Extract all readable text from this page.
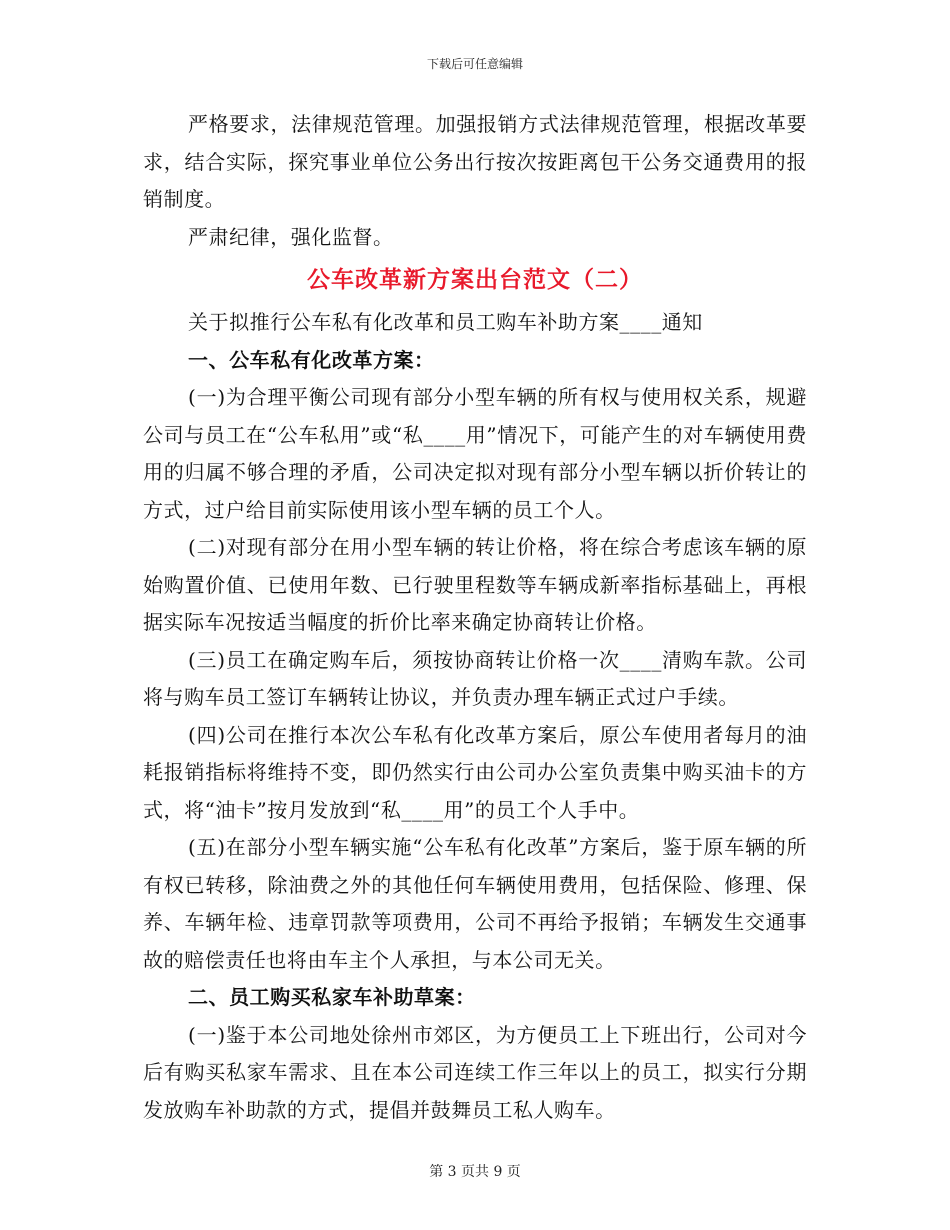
下载后可任意编辑

严格要求，法律规范管理。加强报销方式法律规范管理，根据改革要求，结合实际，探究事业单位公务出行按次按距离包干公务交通费用的报销制度。

严肃纪律，强化监督。

公车改革新方案出台范文（二）

关于拟推行公车私有化改革和员工购车补助方案____通知

一、公车私有化改革方案：

(一)为合理平衡公司现有部分小型车辆的所有权与使用权关系，规避公司与员工在“公车私用”或“私____用”情况下，可能产生的对车辆使用费用的归属不够合理的矛盾，公司决定拟对现有部分小型车辆以折价转让的方式，过户给目前实际使用该小型车辆的员工个人。

(二)对现有部分在用小型车辆的转让价格，将在综合考虑该车辆的原始购置价值、已使用年数、已行驶里程数等车辆成新率指标基础上，再根据实际车况按适当幅度的折价比率来确定协商转让价格。

(三)员工在确定购车后，须按协商转让价格一次____清购车款。公司将与购车员工签订车辆转让协议，并负责办理车辆正式过户手续。

(四)公司在推行本次公车私有化改革方案后，原公车使用者每月的油耗报销指标将维持不变，即仍然实行由公司办公室负责集中购买油卡的方式，将“油卡”按月发放到“私____用”的员工个人手中。

(五)在部分小型车辆实施“公车私有化改革”方案后，鉴于原车辆的所有权已转移，除油费之外的其他任何车辆使用费用，包括保险、修理、保养、车辆年检、违章罚款等项费用，公司不再给予报销；车辆发生交通事故的赔偿责任也将由车主个人承担，与本公司无关。

二、员工购买私家车补助草案：

(一)鉴于本公司地处徐州市郊区，为方便员工上下班出行，公司对今后有购买私家车需求、且在本公司连续工作三年以上的员工，拟实行分期发放购车补助款的方式，提倡并鼓舞员工私人购车。

第 3 页共 9 页
